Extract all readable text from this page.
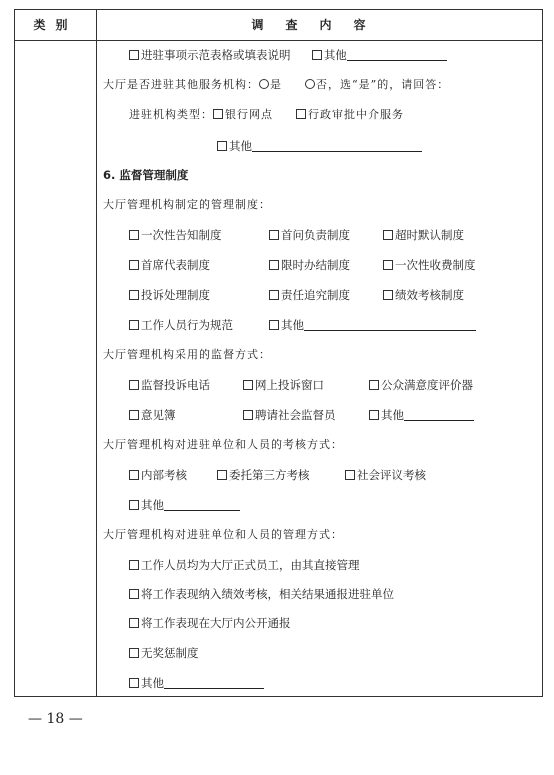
类别	调查内容
进驻事项示范表格或填表说明	其他
大厅是否进驻其他服务机构： 是	否，选“是”的，请回答：
进驻机构类型： 银行网点	行政审批中介服务
其他
6. 监督管理制度
大厅管理机构制定的管理制度：
一次性告知制度	首问负责制度	超时默认制度
首席代表制度	限时办结制度	一次性收费制度
投诉处理制度	责任追究制度	绩效考核制度
工作人员行为规范	其他
大厅管理机构采用的监督方式：
监督投诉电话	网上投诉窗口	公众满意度评价器
意见簿	聘请社会监督员	其他
大厅管理机构对进驻单位和人员的考核方式：
内部考核	委托第三方考核	社会评议考核
其他
大厅管理机构对进驻单位和人员的管理方式：
工作人员均为大厅正式员工，由其直接管理
将工作表现纳入绩效考核，相关结果通报进驻单位
将工作表现在大厅内公开通报
无奖惩制度
其他
— 18 —
